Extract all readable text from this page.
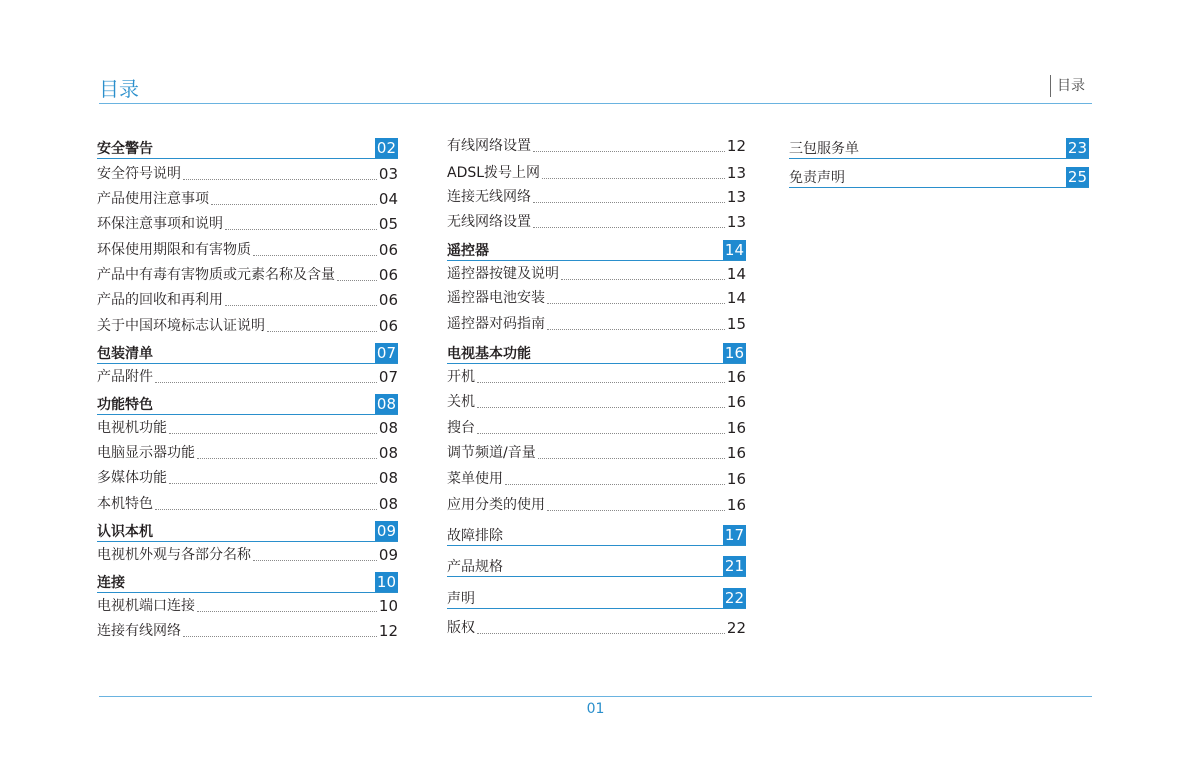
目录	目录
安全警告	02
安全符号说明	03
产品使用注意事项	04
环保注意事项和说明	05
环保使用期限和有害物质	06
产品中有毒有害物质或元素名称及含量	06
产品的回收和再利用	06
关于中国环境标志认证说明	06
包装清单	07
产品附件	07
功能特色	08
电视机功能	08
电脑显示器功能	08
多媒体功能	08
本机特色	08
认识本机	09
电视机外观与各部分名称	09
连接	10
电视机端口连接	10
连接有线网络	12
有线网络设置	12
ADSL拨号上网	13
连接无线网络	13
无线网络设置	13
遥控器	14
遥控器按键及说明	14
遥控器电池安装	14
遥控器对码指南	15
电视基本功能	16
开机	16
关机	16
搜台	16
调节频道/音量	16
菜单使用	16
应用分类的使用	16
故障排除	17
产品规格	21
声明	22
版权	22
三包服务单	23
免责声明	25
01
